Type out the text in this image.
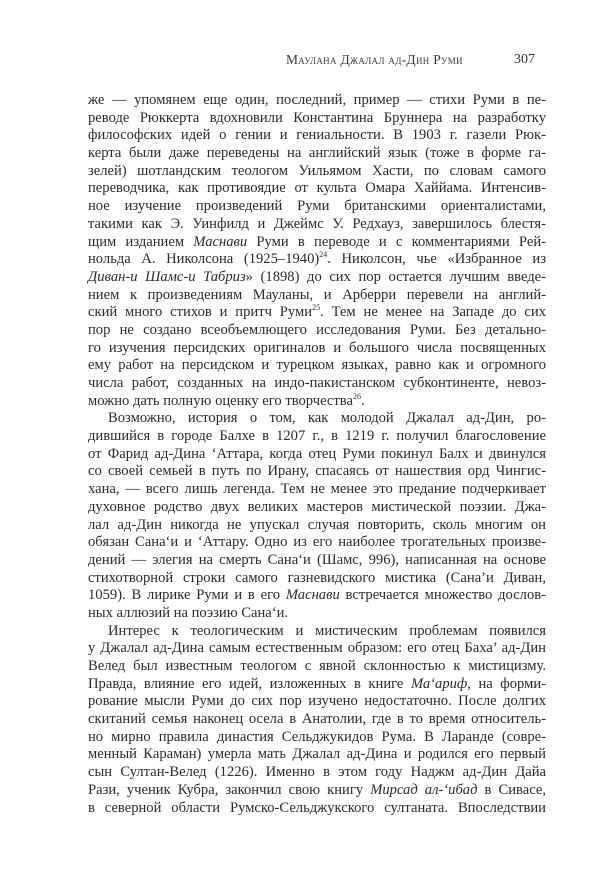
Маулана Джалал ад-Дин Руми	307
же — упомянем еще один, последний, пример — стихи Руми в пе-
реводе Рюккерта вдохновили Константина Бруннера на разработку
философских идей о гении и гениальности. В 1903 г. газели Рюк-
керта были даже переведены на английский язык (тоже в форме га-
зелей) шотландским теологом Уильямом Хасти, по словам самого
переводчика, как противоядие от культа Омара Хаййама. Интенсив-
ное изучение произведений Руми британскими ориенталистами,
такими как Э. Уинфилд и Джеймс У. Редхауз, завершилось блестя-
щим изданием Маснави Руми в переводе и с комментариями Рей-
нольда А. Николсона (1925–1940)$^{24}$. Николсон, чье «Избранное из
Диван-и Шамс-и Табриз» (1898) до сих пор остается лучшим введе-
нием к произведениям Мауланы, и Арберри перевели на англий-
ский много стихов и притч Руми$^{25}$. Тем не менее на Западе до сих
пор не создано всеобъемлющего исследования Руми. Без детально-
го изучения персидских оригиналов и большого числа посвященных
ему работ на персидском и турецком языках, равно как и огромного
числа работ, созданных на индо-пакистанском субконтиненте, невоз-
можно дать полную оценку его творчества$^{26}$.
Возможно, история о том, как молодой Джалал ад-Дин, ро-
дившийся в городе Балхе в 1207 г., в 1219 г. получил благословение
от Фарид ад-Дина ‘Аттара, когда отец Руми покинул Балх и двинулся
со своей семьей в путь по Ирану, спасаясь от нашествия орд Чингис-
хана, — всего лишь легенда. Тем не менее это предание подчеркивает
духовное родство двух великих мастеров мистической поэзии. Джа-
лал ад-Дин никогда не упускал случая повторить, сколь многим он
обязан Сана‘и и ‘Аттару. Одно из его наиболее трогательных произве-
дений — элегия на смерть Сана‘и (Шамс, 996), написанная на основе
стихотворной строки самого газневидского мистика (Сана’и Диван,
1059). В лирике Руми и в его Маснави встречается множество дослов-
ных аллюзий на поэзию Сана‘и.
Интерес к теологическим и мистическим проблемам появился
у Джалал ад-Дина самым естественным образом: его отец Баха’ ад-Дин
Велед был известным теологом с явной склонностью к мистицизму.
Правда, влияние его идей, изложенных в книге Ма‘ариф, на форми-
рование мысли Руми до сих пор изучено недостаточно. После долгих
скитаний семья наконец осела в Анатолии, где в то время относитель-
но мирно правила династия Сельджукидов Рума. В Ларанде (совре-
менный Караман) умерла мать Джалал ад-Дина и родился его первый
сын Султан-Велед (1226). Именно в этом году Наджм ад-Дин Дайа
Рази, ученик Кубра, закончил свою книгу Мирсад ал-‘ибад в Сивасе,
в северной области Румско-Сельджукского султаната. Впоследствии
